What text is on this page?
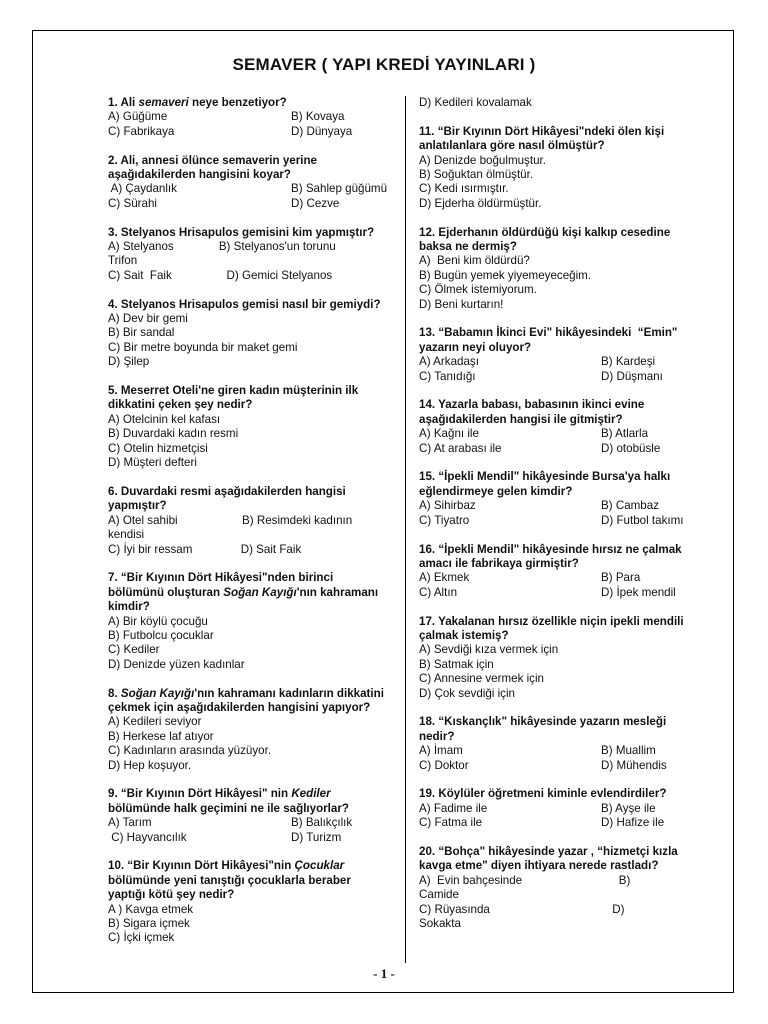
SEMAVER ( YAPI KREDİ YAYINLARI )
1. Ali semaveri neye benzetiyor?
A) Güğüme	B) Kovaya
C) Fabrikaya	D) Dünyaya
2. Ali, annesi ölünce semaverin yerine
aşağıdakilerden hangisini koyar?
A) Çaydanlık	B) Sahlep güğümü
C) Sürahi	D) Cezve
3. Stelyanos Hrisapulos gemisini kim yapmıştır?
A) Stelyanos              B) Stelyanos'un torunu
Trifon
C) Sait  Faik                 D) Gemici Stelyanos
4. Stelyanos Hrisapulos gemisi nasıl bir gemiydi?
A) Dev bir gemi
B) Bir sandal
C) Bir metre boyunda bir maket gemi
D) Şilep
5. Meserret Oteli'ne giren kadın müşterinin ilk
dikkatini çeken şey nedir?
A) Otelcinin kel kafası
B) Duvardaki kadın resmi
C) Otelin hizmetçisi
D) Müşteri defteri
6. Duvardaki resmi aşağıdakilerden hangisi
yapmıştır?
A) Otel sahibi                    B) Resimdeki kadının
kendisi
C) İyi bir ressam               D) Sait Faik
7. “Bir Kıyının Dört Hikâyesi"nden birinci
bölümünü oluşturan Soğan Kayığı'nın kahramanı
kimdir?
A) Bir köylü çocuğu
B) Futbolcu çocuklar
C) Kediler
D) Denizde yüzen kadınlar
8. Soğan Kayığı'nın kahramanı kadınların dikkatini
çekmek için aşağıdakilerden hangisini yapıyor?
A) Kedileri seviyor
B) Herkese laf atıyor
C) Kadınların arasında yüzüyor.
D) Hep koşuyor.
9. “Bir Kıyının Dört Hikâyesi" nin Kediler
bölümünde halk geçimini ne ile sağlıyorlar?
A) Tarım	B) Balıkçılık
C) Hayvancılık	D) Turizm
10. “Bir Kıyının Dört Hikâyesi"nin Çocuklar
bölümünde yeni tanıştığı çocuklarla beraber
yaptığı kötü şey nedir?
A ) Kavga etmek
B) Sigara içmek
C) İçki içmek
D) Kedileri kovalamak
11. “Bir Kıyının Dört Hikâyesi"ndeki ölen kişi
anlatılanlara göre nasıl ölmüştür?
A) Denizde boğulmuştur.
B) Soğuktan ölmüştür.
C) Kedi ısırmıştır.
D) Ejderha öldürmüştür.
12. Ejderhanın öldürdüğü kişi kalkıp cesedine
baksa ne dermiş?
A)  Beni kim öldürdü?
B) Bugün yemek yiyemeyeceğim.
C) Ölmek istemiyorum.
D) Beni kurtarın!
13. “Babamın İkinci Evi" hikâyesindeki  “Emin"
yazarın neyi oluyor?
A) Arkadaşı	B) Kardeşi
C) Tanıdığı	D) Düşmanı
14. Yazarla babası, babasının ikinci evine
aşağıdakilerden hangisi ile gitmiştir?
A) Kağnı ile	B) Atlarla
C) At arabası ile	D) otobüsle
15. “İpekli Mendil" hikâyesinde Bursa'ya halkı
eğlendirmeye gelen kimdir?
A) Sihirbaz	B) Cambaz
C) Tiyatro	D) Futbol takımı
16. “İpekli Mendil" hikâyesinde hırsız ne çalmak
amacı ile fabrikaya girmiştir?
A) Ekmek	B) Para
C) Altın	D) İpek mendil
17. Yakalanan hırsız özellikle niçin ipekli mendili
çalmak istemiş?
A) Sevdiği kıza vermek için
B) Satmak için
C) Annesine vermek için
D) Çok sevdiği için
18. “Kıskançlık" hikâyesinde yazarın mesleği
nedir?
A) İmam	B) Muallim
C) Doktor	D) Mühendis
19. Köylüler öğretmeni kiminle evlendirdiler?
A) Fadime ile	B) Ayşe ile
C) Fatma ile	D) Hafize ile
20. “Bohça" hikâyesinde yazar , “hizmetçi kızla
kavga etme" diyen ihtiyara nerede rastladı?
A)  Evin bahçesinde                              B)
Camide
C) Rüyasında                                      D)
Sokakta
- 1 -
